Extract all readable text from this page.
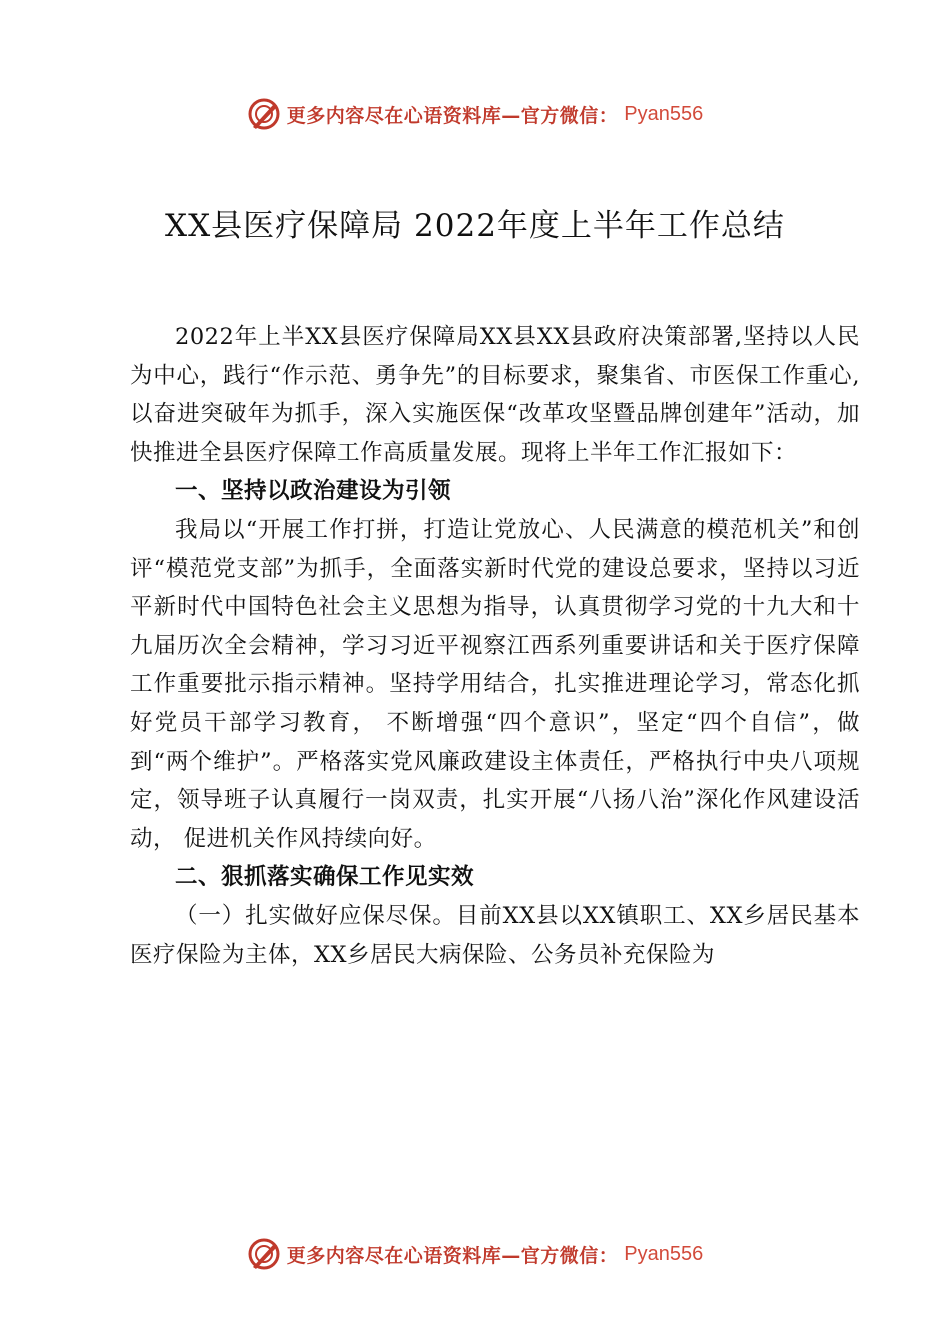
更多内容尽在心语资料库—官方微信： Pyan556
XX县医疗保障局 2022年度上半年工作总结

2022年上半XX县医疗保障局XX县XX县政府决策部署,坚持以人民为中心，践行“作示范、勇争先”的目标要求，聚集省、市医保工作重心,以奋进突破年为抓手，深入实施医保“改革攻坚暨品牌创建年”活动，加快推进全县医疗保障工作高质量发展。现将上半年工作汇报如下：

一、坚持以政治建设为引领

我局以“开展工作打拼，打造让党放心、人民满意的模范机关”和创评“模范党支部”为抓手，全面落实新时代党的建设总要求，坚持以习近平新时代中国特色社会主义思想为指导，认真贯彻学习党的十九大和十九届历次全会精神，学习习近平视察江西系列重要讲话和关于医疗保障工作重要批示指示精神。坚持学用结合，扎实推进理论学习，常态化抓好党员干部学习教育， 不断增强“四个意识”，坚定“四个自信”，做到“两个维护”。严格落实党风廉政建设主体责任，严格执行中央八项规定，领导班子认真履行一岗双责，扎实开展“八扬八治”深化作风建设活动， 促进机关作风持续向好。

二、狠抓落实确保工作见实效

（一）扎实做好应保尽保。目前XX县以XX镇职工、XX乡居民基本医疗保险为主体，XX乡居民大病保险、公务员补充保险为

更多内容尽在心语资料库—官方微信： Pyan556
